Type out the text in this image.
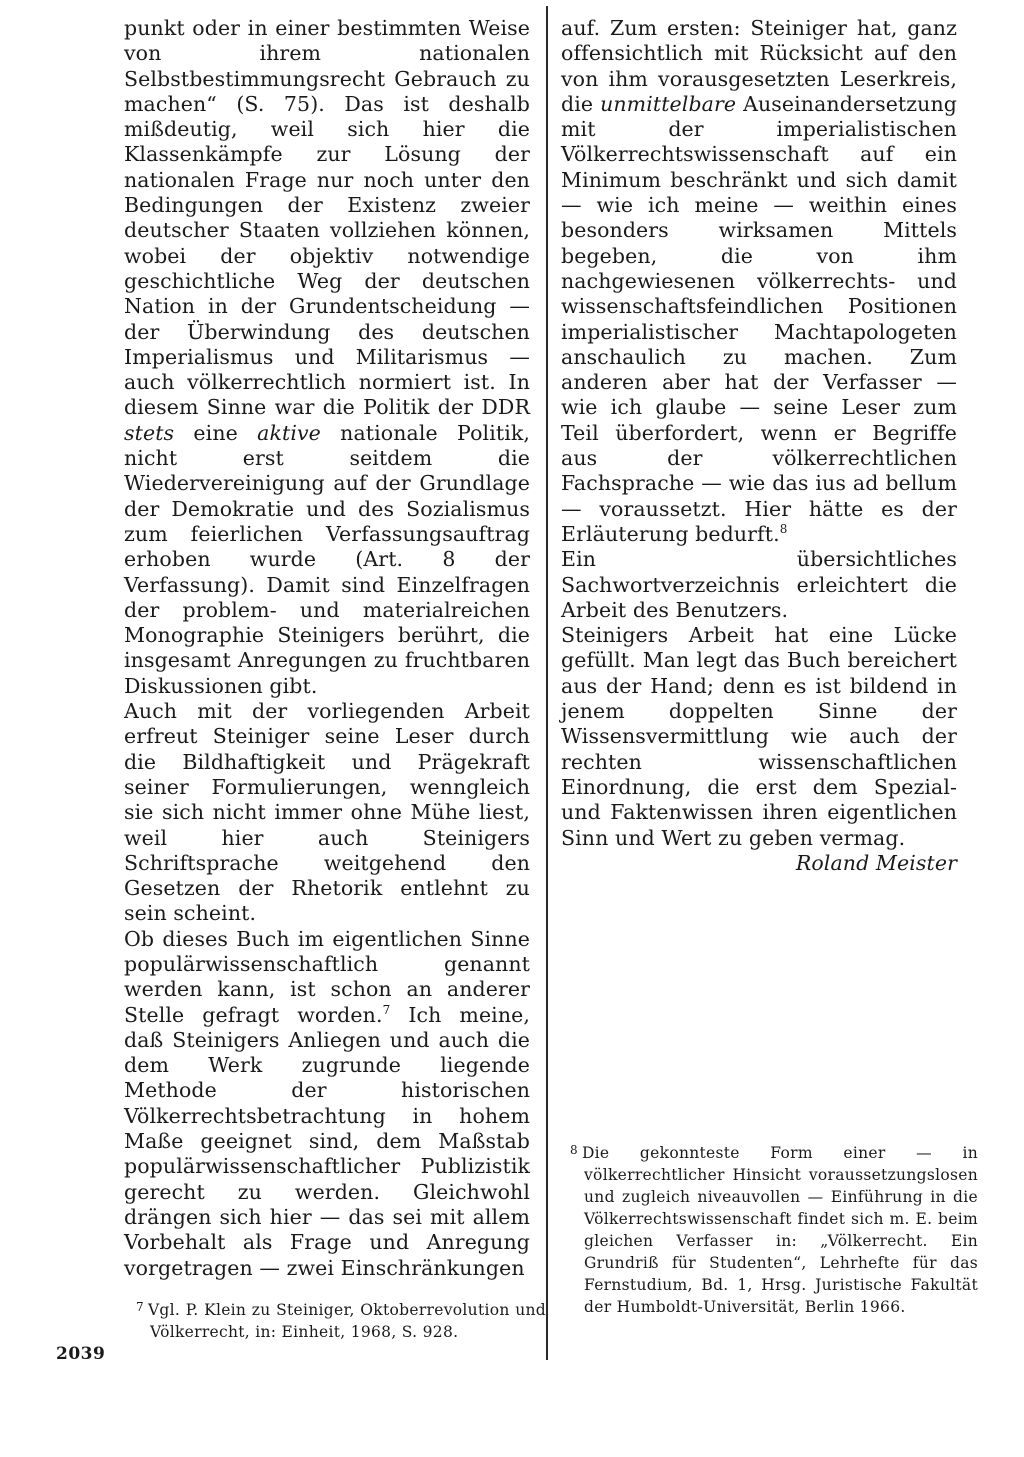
punkt oder in einer bestimmten Weise von ihrem nationalen Selbstbestimmungsrecht Gebrauch zu machen“ (S. 75). Das ist deshalb mißdeutig, weil sich hier die Klassenkämpfe zur Lösung der nationalen Frage nur noch unter den Bedingungen der Existenz zweier deutscher Staaten vollziehen können, wobei der objektiv notwendige geschichtliche Weg der deutschen Nation in der Grundentscheidung — der Überwindung des deutschen Imperialismus und Militarismus — auch völkerrechtlich normiert ist. In diesem Sinne war die Politik der DDR stets eine aktive nationale Politik, nicht erst seitdem die Wiedervereinigung auf der Grundlage der Demokratie und des Sozialismus zum feierlichen Verfassungsauftrag erhoben wurde (Art. 8 der Verfassung). Damit sind Einzelfragen der problem- und materialreichen Monographie Steinigers berührt, die insgesamt Anregungen zu fruchtbaren Diskussionen gibt.

Auch mit der vorliegenden Arbeit erfreut Steiniger seine Leser durch die Bildhaftigkeit und Prägekraft seiner Formulierungen, wenngleich sie sich nicht immer ohne Mühe liest, weil hier auch Steinigers Schriftsprache weitgehend den Gesetzen der Rhetorik entlehnt zu sein scheint.

Ob dieses Buch im eigentlichen Sinne populärwissenschaftlich genannt werden kann, ist schon an anderer Stelle gefragt worden.$^7$ Ich meine, daß Steinigers Anliegen und auch die dem Werk zugrunde liegende Methode der historischen Völkerrechtsbetrachtung in hohem Maße geeignet sind, dem Maßstab populärwissenschaftlicher Publizistik gerecht zu werden. Gleichwohl drängen sich hier — das sei mit allem Vorbehalt als Frage und Anregung vorgetragen — zwei Einschränkungen

auf. Zum ersten: Steiniger hat, ganz offensichtlich mit Rücksicht auf den von ihm vorausgesetzten Leserkreis, die unmittelbare Auseinandersetzung mit der imperialistischen Völkerrechtswissenschaft auf ein Minimum beschränkt und sich damit — wie ich meine — weithin eines besonders wirksamen Mittels begeben, die von ihm nachgewiesenen völkerrechts- und wissenschaftsfeindlichen Positionen imperialistischer Machtapologeten anschaulich zu machen. Zum anderen aber hat der Verfasser — wie ich glaube — seine Leser zum Teil überfordert, wenn er Begriffe aus der völkerrechtlichen Fachsprache — wie das ius ad bellum — voraussetzt. Hier hätte es der Erläuterung bedurft.$^8$

Ein übersichtliches Sachwortverzeichnis erleichtert die Arbeit des Benutzers.

Steinigers Arbeit hat eine Lücke gefüllt. Man legt das Buch bereichert aus der Hand; denn es ist bildend in jenem doppelten Sinne der Wissensvermittlung wie auch der rechten wissenschaftlichen Einordnung, die erst dem Spezial- und Faktenwissen ihren eigentlichen Sinn und Wert zu geben vermag.

Roland Meister

$^7$ Vgl. P. Klein zu Steiniger, Oktoberrevolution und Völkerrecht, in: Einheit, 1968, S. 928.

$^8$ Die gekonnteste Form einer — in völkerrechtlicher Hinsicht voraussetzungslosen und zugleich niveauvollen — Einführung in die Völkerrechtswissenschaft findet sich m. E. beim gleichen Verfasser in: „Völkerrecht. Ein Grundriß für Studenten“, Lehrhefte für das Fernstudium, Bd. 1, Hrsg. Juristische Fakultät der Humboldt-Universität, Berlin 1966.

2039
